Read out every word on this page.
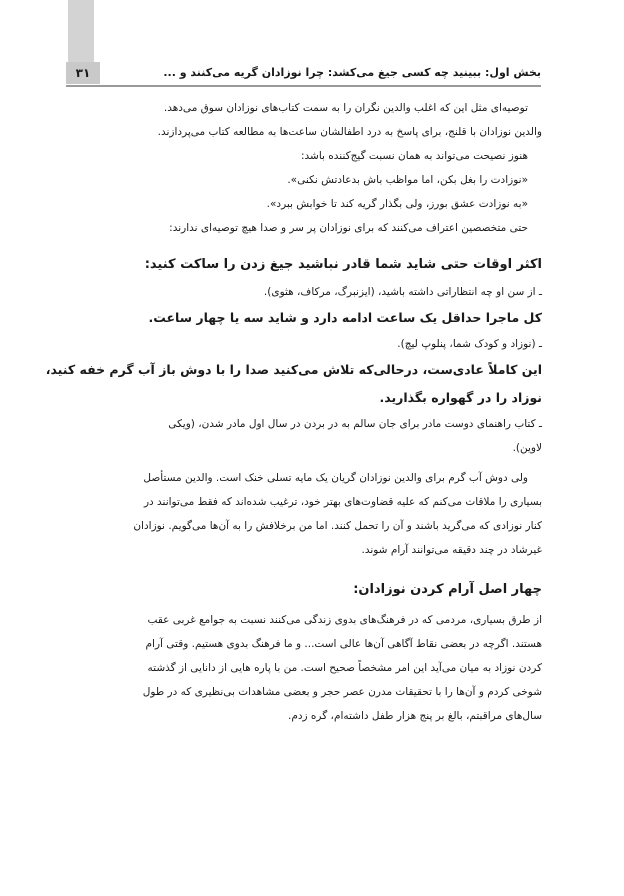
بخش اول: ببینید چه کسی جیغ می‌کشد: چرا نوزادان گریه می‌کنند و ...
۳۱

توصیه‌ای مثل این که اغلب والدین نگران را به سمت کتاب‌های نوزادان سوق می‌دهد.

والدین نوزادان با قلنج، برای پاسخ به درد اطفالشان ساعت‌ها به مطالعه کتاب می‌پردازند.

هنوز نصیحت می‌تواند به همان نسبت گیج‌کننده باشد:

«نوزادت را بغل بکن، اما مواظب باش بدعادتش نکنی».

«به نوزادت عشق بورز، ولی بگذار گریه کند تا خوابش ببرد».

حتی متخصصین اعتراف می‌کنند که برای نوزادان پر سر و صدا هیچ توصیه‌ای ندارند:

اکثر اوقات حتی شاید شما قادر نباشید جیغ زدن را ساکت کنید:

ـ از سن او چه انتظاراتی داشته باشید، (ایزنبرگ، مرکاف، هثوی).

کل ماجرا حداقل یک ساعت ادامه دارد و شاید سه یا چهار ساعت.

ـ (نوزاد و کودک شما، پنلوپ لیچ).

این کاملاً عادی‌ست، درحالی‌که تلاش می‌کنید صدا را با دوش باز آب گرم خفه کنید،

نوزاد را در گهواره بگذارید.

ـ کتاب راهنمای دوست مادر برای جان سالم به در بردن در سال اول مادر شدن، (ویکی

لاوین).

ولی دوش آب گرم برای والدین نوزادان گریان یک مایه تسلی خنک است. والدین مستأصل

بسیاری را ملاقات می‌کنم که علیه قضاوت‌های بهتر خود، ترغیب شده‌اند که فقط می‌توانند در

کنار نوزادی که می‌گرید باشند و آن را تحمل کنند. اما من برخلافش را به آن‌ها می‌گویم. نوزادان

غیرشاد در چند دقیقه می‌توانند آرام شوند.

چهار اصل آرام کردن نوزادان:

از طرق بسیاری، مردمی که در فرهنگ‌های بدوی زندگی می‌کنند نسبت به جوامع غربی عقب

هستند. اگرچه در بعضی نقاط آگاهی آن‌ها عالی است... و ما فرهنگ بدوی هستیم. وقتی آرام

کردن نوزاد به میان می‌آید این امر مشخصاً صحیح است. من با پاره هایی از دانایی از گذشته

شوخی کردم و آن‌ها را با تحقیقات مدرن عصر حجر و بعضی مشاهدات بی‌نظیری که در طول

سال‌های مراقبتم، بالغ بر پنج هزار طفل داشته‌ام، گره زدم.
